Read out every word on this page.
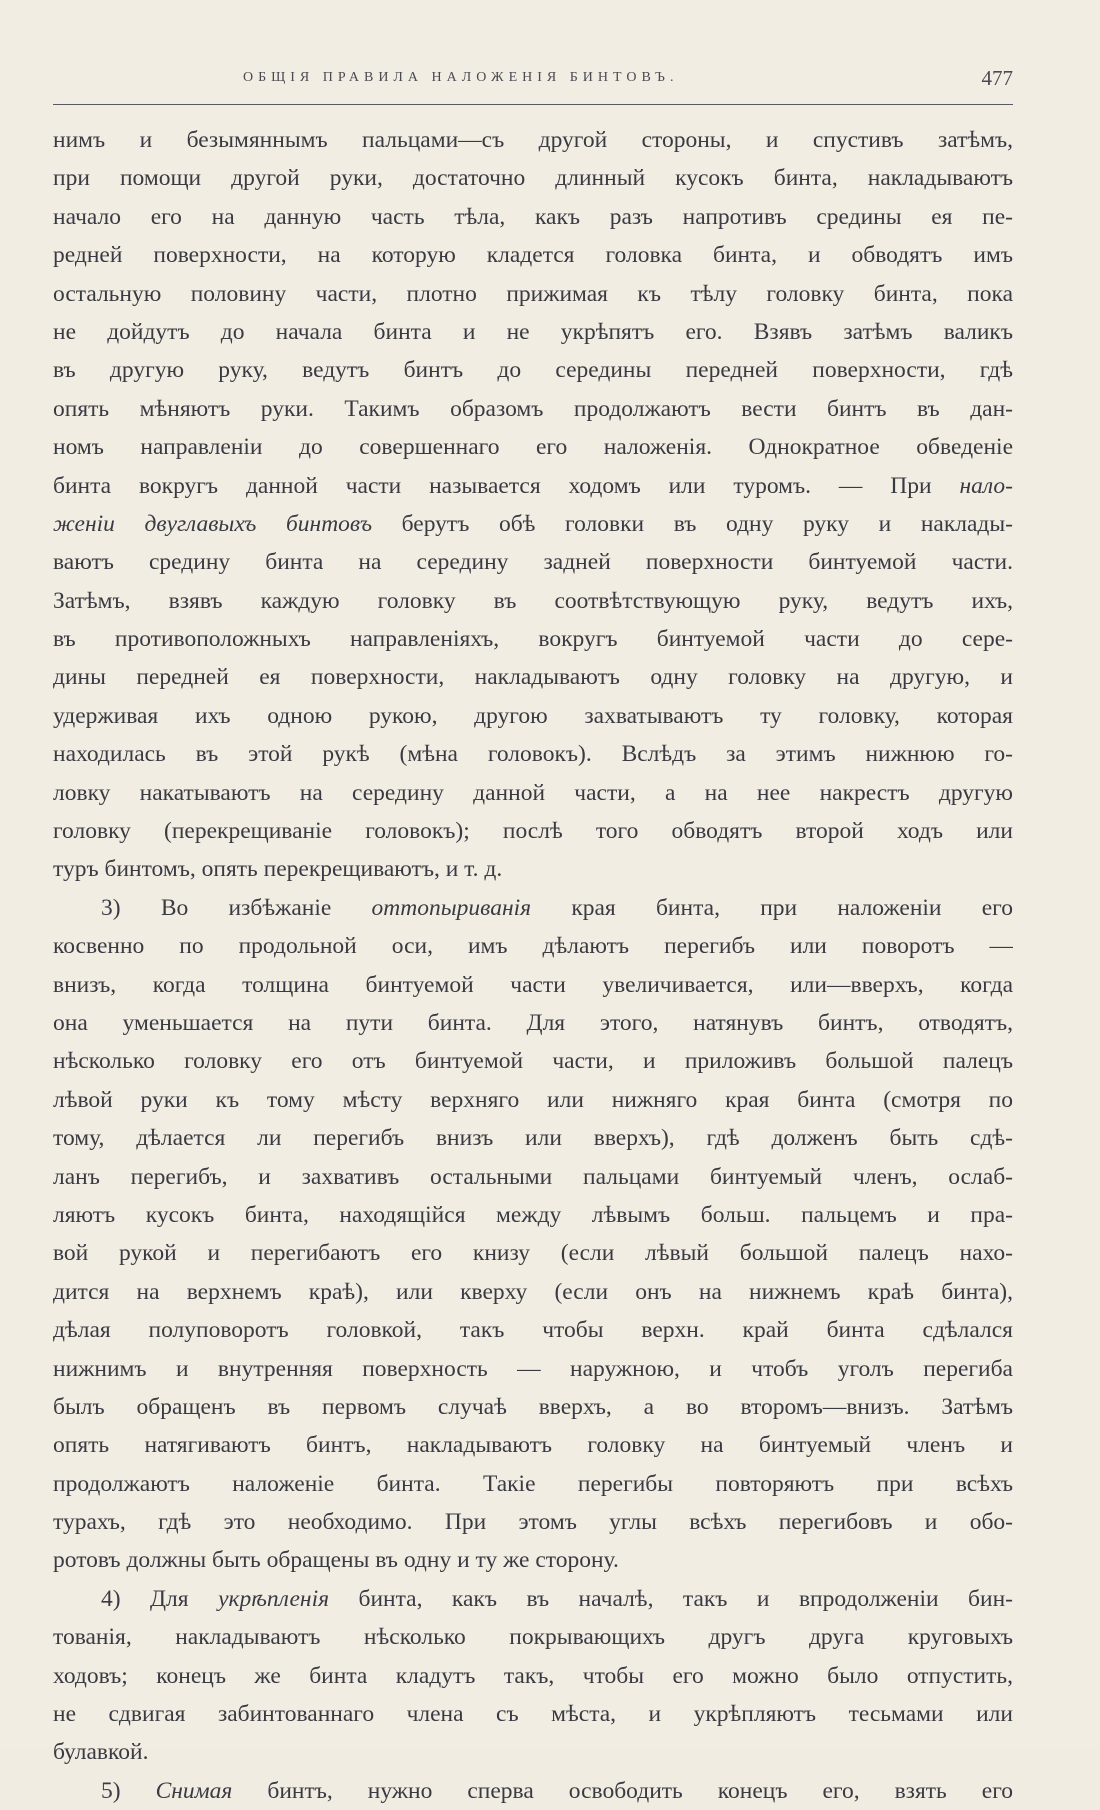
ОБЩІЯ ПРАВИЛА НАЛОЖЕНІЯ БИНТОВЪ.	477
нимъ и безымяннымъ пальцами—съ другой стороны, и спустивъ затѣмъ,
при помощи другой руки, достаточно длинный кусокъ бинта, накладываютъ
начало его на данную часть тѣла, какъ разъ напротивъ средины ея пе-
редней поверхности, на которую кладется головка бинта, и обводятъ имъ
остальную половину части, плотно прижимая къ тѣлу головку бинта, пока
не дойдутъ до начала бинта и не укрѣпятъ его. Взявъ затѣмъ валикъ
въ другую руку, ведутъ бинтъ до середины передней поверхности, гдѣ
опять мѣняютъ руки. Такимъ образомъ продолжаютъ вести бинтъ въ дан-
номъ направленіи до совершеннаго его наложенія. Однократное обведеніе
бинта вокругъ данной части называется ходомъ или туромъ. — При нало-
женіи двуглавыхъ бинтовъ берутъ обѣ головки въ одну руку и наклады-
ваютъ средину бинта на середину задней поверхности бинтуемой части.
Затѣмъ, взявъ каждую головку въ соотвѣтствующую руку, ведутъ ихъ,
въ противоположныхъ направленіяхъ, вокругъ бинтуемой части до сере-
дины передней ея поверхности, накладываютъ одну головку на другую, и
удерживая ихъ одною рукою, другою захватываютъ ту головку, которая
находилась въ этой рукѣ (мѣна головокъ). Вслѣдъ за этимъ нижнюю го-
ловку накатываютъ на середину данной части, а на нее накрестъ другую
головку (перекрещиваніе головокъ); послѣ того обводятъ второй ходъ или
туръ бинтомъ, опять перекрещиваютъ, и т. д.
3) Во избѣжаніе оттопыриванія края бинта, при наложеніи его
косвенно по продольной оси, имъ дѣлаютъ перегибъ или поворотъ —
внизъ, когда толщина бинтуемой части увеличивается, или—вверхъ, когда
она уменьшается на пути бинта. Для этого, натянувъ бинтъ, отводятъ,
нѣсколько головку его отъ бинтуемой части, и приложивъ большой палецъ
лѣвой руки къ тому мѣсту верхняго или нижняго края бинта (смотря по
тому, дѣлается ли перегибъ внизъ или вверхъ), гдѣ долженъ быть сдѣ-
ланъ перегибъ, и захвативъ остальными пальцами бинтуемый членъ, ослаб-
ляютъ кусокъ бинта, находящійся между лѣвымъ больш. пальцемъ и пра-
вой рукой и перегибаютъ его книзу (если лѣвый большой палецъ нахо-
дится на верхнемъ краѣ), или кверху (если онъ на нижнемъ краѣ бинта),
дѣлая полуповоротъ головкой, такъ чтобы верхн. край бинта сдѣлался
нижнимъ и внутренняя поверхность — наружною, и чтобъ уголъ перегиба
былъ обращенъ въ первомъ случаѣ вверхъ, а во второмъ—внизъ. Затѣмъ
опять натягиваютъ бинтъ, накладываютъ головку на бинтуемый членъ и
продолжаютъ наложеніе бинта. Такіе перегибы повторяютъ при всѣхъ
турахъ, гдѣ это необходимо. При этомъ углы всѣхъ перегибовъ и обо-
ротовъ должны быть обращены въ одну и ту же сторону.
4) Для укрѣпленія бинта, какъ въ началѣ, такъ и впродолженіи бин-
тованія, накладываютъ нѣсколько покрывающихъ другъ друга круговыхъ
ходовъ; конецъ же бинта кладутъ такъ, чтобы его можно было отпустить,
не сдвигая забинтованнаго члена съ мѣста, и укрѣпляютъ тесьмами или
булавкой.
5) Снимая бинтъ, нужно сперва освободить конецъ его, взять его
